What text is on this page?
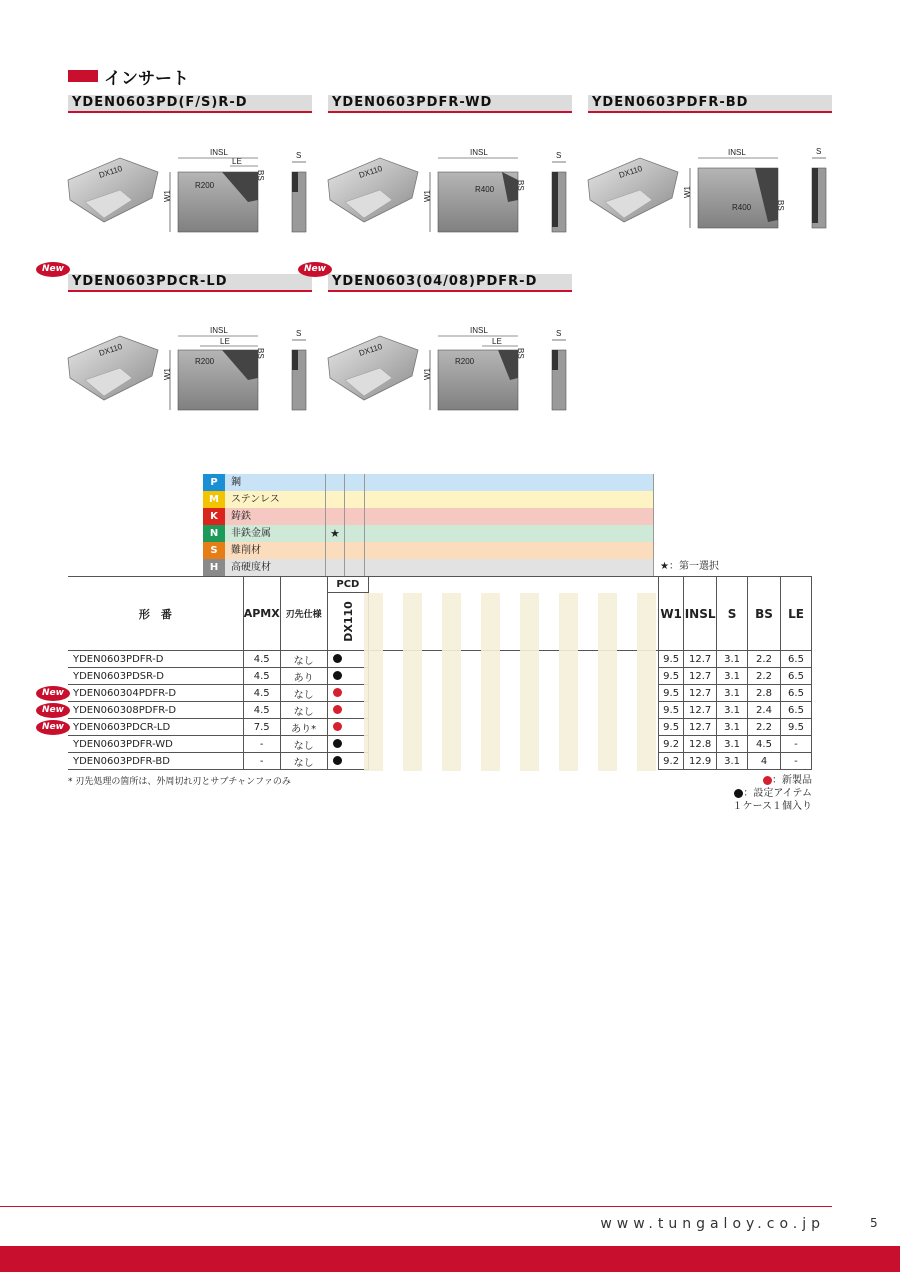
インサート
YDEN0603PD(F/S)R-D	YDEN0603PDFR-WD	YDEN0603PDFR-BD
YDEN0603PDCR-LD	YDEN0603(04/08)PDFR-D
New	New
DX110
INSL
LE
R200
W1
BS
S
DX110
INSL
R400
W1
BS
S
DX110
INSL
R400
W1
BS
S
DX110
INSL
LE
R200
W1
BS
S
DX110
INSL
LE
R200
W1
BS
S
P	鋼
M	ステンレス
K	鋳鉄
N	非鉄金属	★
S	難削材
H	高硬度材	★：第一選択
形　番	APMX	刃先仕様	PCD		W1	INSL	S	BS	LE

			DX110						

YDEN0603PDFR-D	4.5	なし			9.5	12.7	3.1	2.2	6.5
YDEN0603PDSR-D	4.5	あり			9.5	12.7	3.1	2.2	6.5

New YDEN060304PDFR-D	4.5	なし			9.5	12.7	3.1	2.8	6.5

New YDEN060308PDFR-D	4.5	なし			9.5	12.7	3.1	2.4	6.5

New YDEN0603PDCR-LD	7.5	あり*			9.5	12.7	3.1	2.2	9.5
YDEN0603PDFR-WD	-	なし			9.2	12.8	3.1	4.5	-
YDEN0603PDFR-BD	-	なし			9.2	12.9	3.1	4	-
* 刃先処理の箇所は、外周切れ刃とサブチャンファのみ	：新製品
：設定アイテム
１ケース１個入り
www.tungaloy.co.jp	5
